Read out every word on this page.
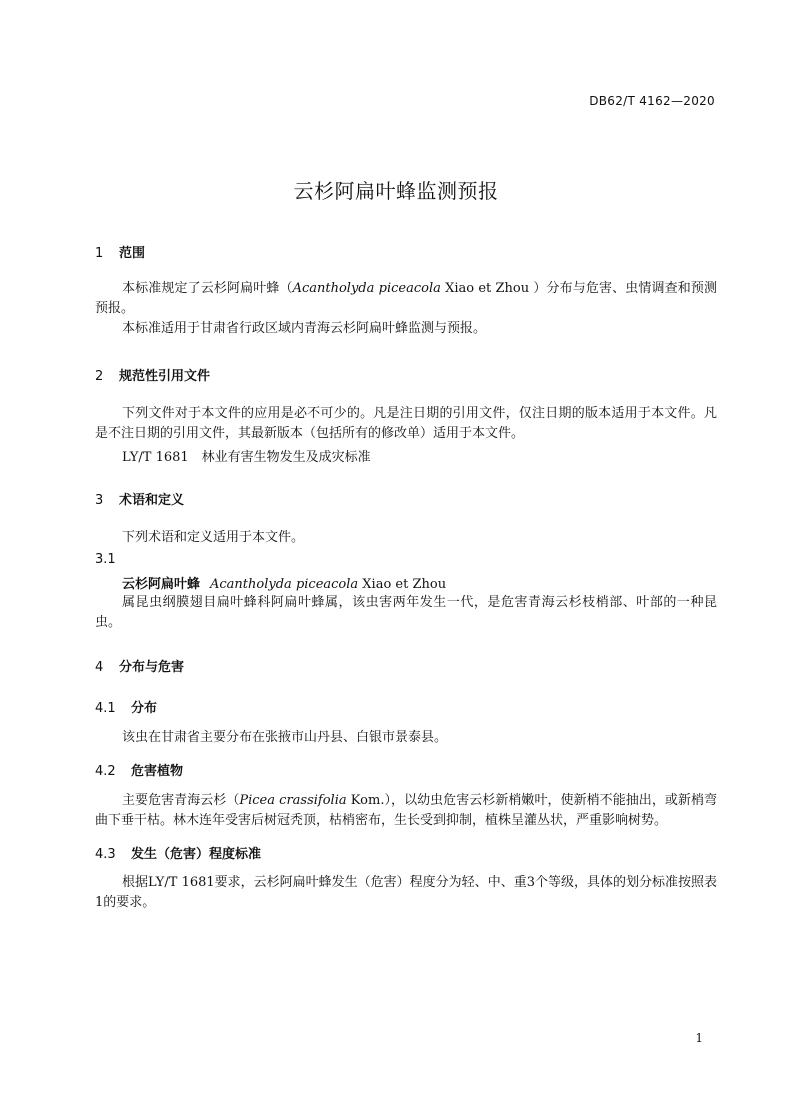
DB62/T 4162—2020
云杉阿扁叶蜂监测预报
1 范围
本标准规定了云杉阿扁叶蜂（Acantholyda piceacola Xiao et Zhou ）分布与危害、虫情调查和预测预报。
本标准适用于甘肃省行政区域内青海云杉阿扁叶蜂监测与预报。
2 规范性引用文件
下列文件对于本文件的应用是必不可少的。凡是注日期的引用文件，仅注日期的版本适用于本文件。凡是不注日期的引用文件，其最新版本（包括所有的修改单）适用于本文件。
LY/T 1681　林业有害生物发生及成灾标准
3 术语和定义
下列术语和定义适用于本文件。
3.1
云杉阿扁叶蜂 Acantholyda piceacola Xiao et Zhou
属昆虫纲膜翅目扁叶蜂科阿扁叶蜂属，该虫害两年发生一代，是危害青海云杉枝梢部、叶部的一种昆虫。
4 分布与危害
4.1 分布
该虫在甘肃省主要分布在张掖市山丹县、白银市景泰县。
4.2 危害植物
主要危害青海云杉（Picea crassifolia Kom.），以幼虫危害云杉新梢嫩叶，使新梢不能抽出，或新梢弯曲下垂干枯。林木连年受害后树冠秃顶，枯梢密布，生长受到抑制，植株呈灌丛状，严重影响树势。
4.3 发生（危害）程度标准
根据LY/T 1681要求，云杉阿扁叶蜂发生（危害）程度分为轻、中、重3个等级，具体的划分标准按照表1的要求。
1
